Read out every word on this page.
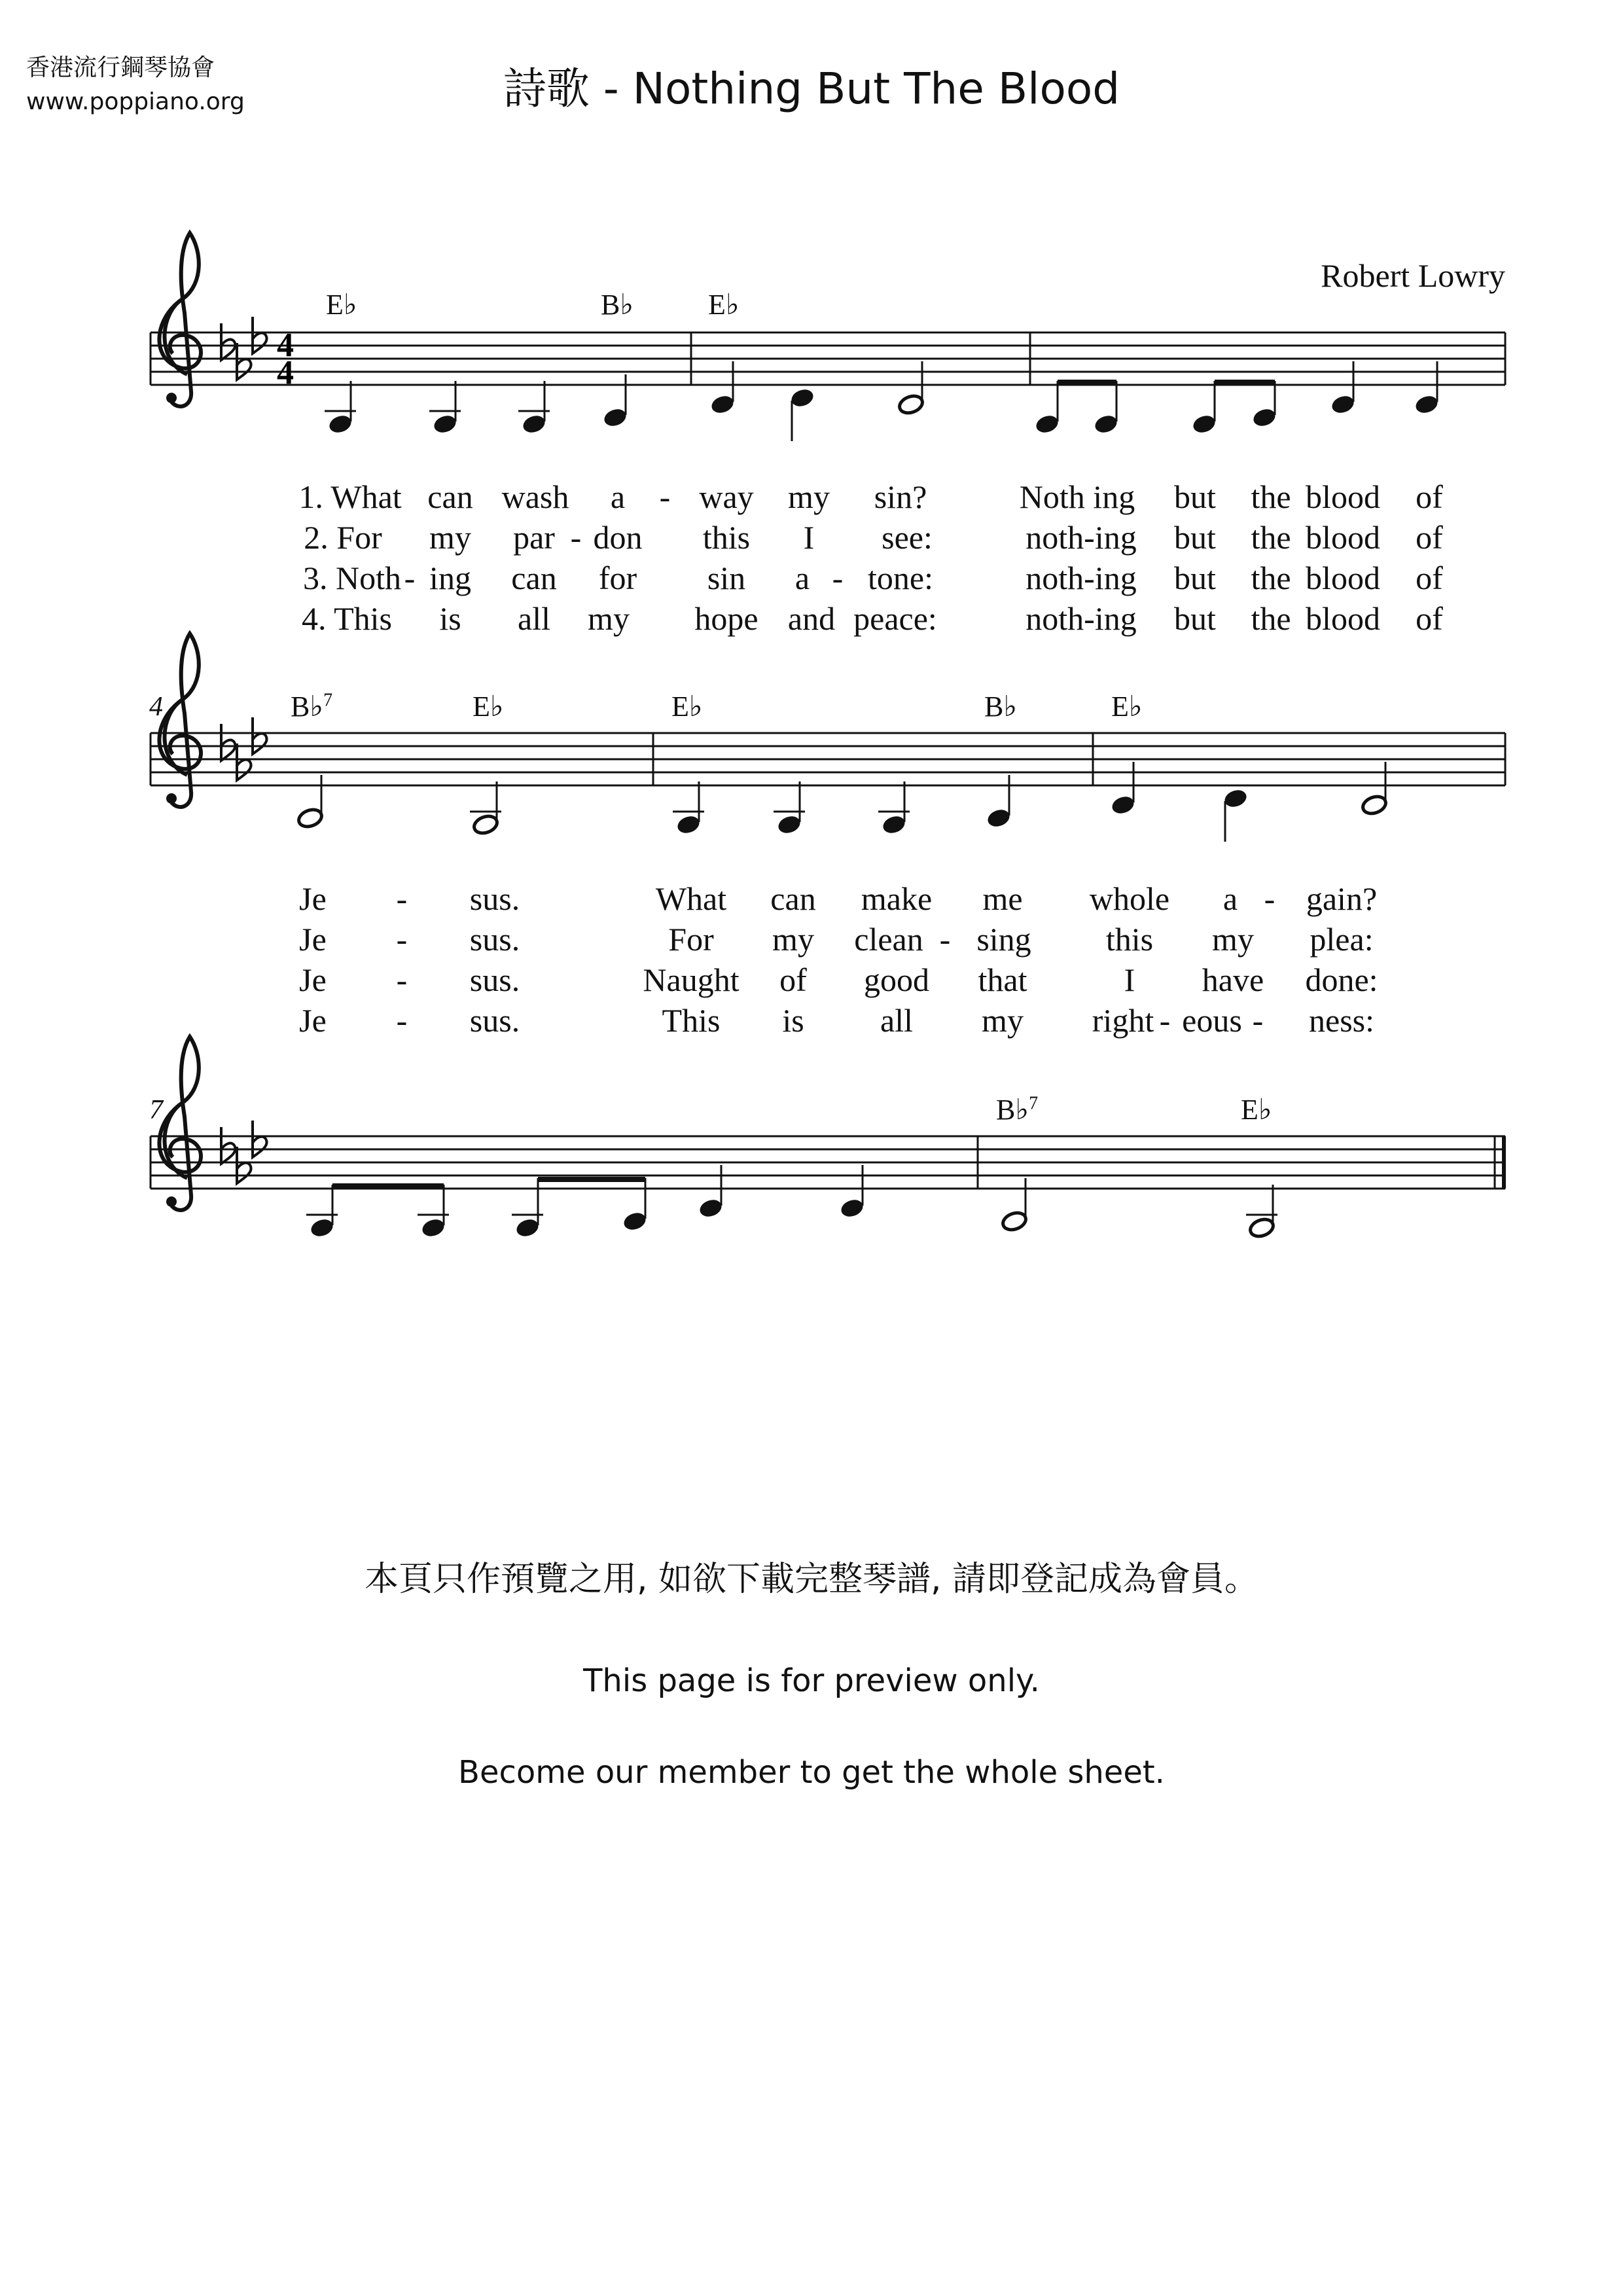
香港流行鋼琴協會
www.poppiano.org	詩歌 - Nothing But The Blood
Robert Lowry
4
4
E♭	B♭	E♭
1. What can wash a - way my sin?	Noth ing but the blood of
2. For my par - don this I see:	noth-ing but the blood of
3. Noth - ing can for sin a - tone:	noth-ing but the blood of
4. This is all my hope and peace:	noth-ing but the blood of
4	B♭$^7$	E♭	E♭	B♭	E♭
Je - sus.	What can make me whole a - gain?
Je - sus.	For my clean - sing this my plea:
Je - sus.	Naught of good that	I have done:
Je - sus.	This is all my right - eous - ness:
7	B♭$^7$	E♭
本頁只作預覽之用, 如欲下載完整琴譜, 請即登記成為會員。
This page is for preview only.
Become our member to get the whole sheet.
